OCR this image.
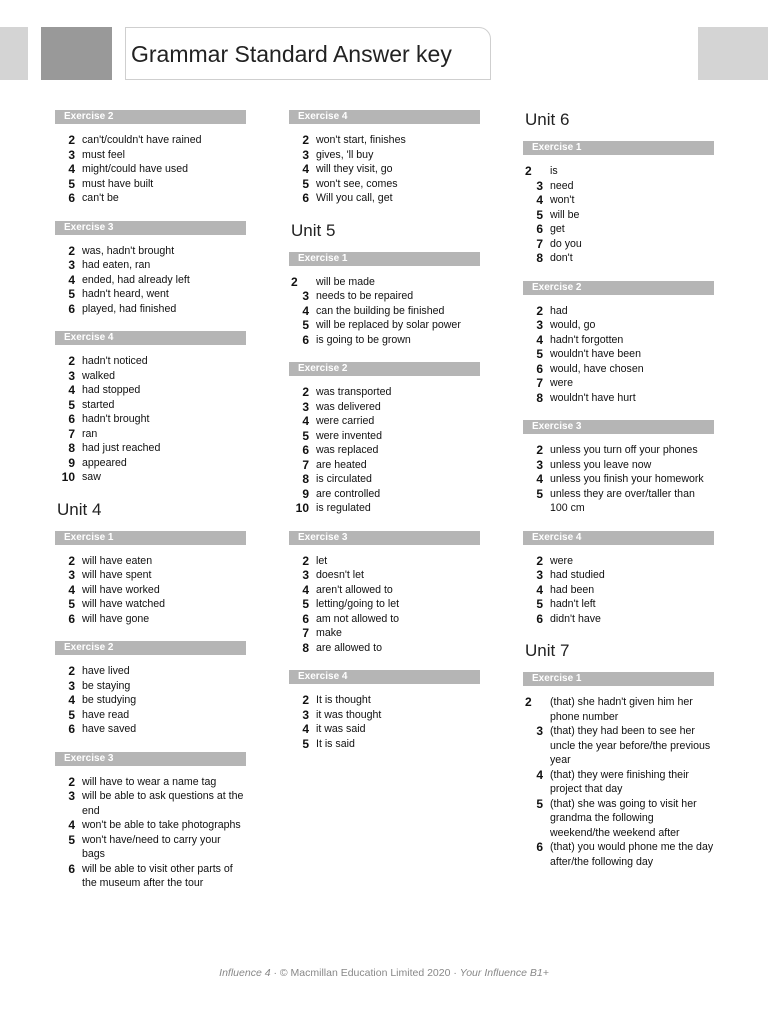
Grammar Standard Answer key
Exercise 2
2 can't/couldn't have rained
3 must feel
4 might/could have used
5 must have built
6 can't be
Exercise 3
2 was, hadn't brought
3 had eaten, ran
4 ended, had already left
5 hadn't heard, went
6 played, had finished
Exercise 4
2 hadn't noticed
3 walked
4 had stopped
5 started
6 hadn't brought
7 ran
8 had just reached
9 appeared
10 saw
Unit 4
Exercise 1
2 will have eaten
3 will have spent
4 will have worked
5 will have watched
6 will have gone
Exercise 2
2 have lived
3 be staying
4 be studying
5 have read
6 have saved
Exercise 3
2 will have to wear a name tag
3 will be able to ask questions at the end
4 won't be able to take photographs
5 won't have/need to carry your bags
6 will be able to visit other parts of the museum after the tour
Exercise 4
2 won't start, finishes
3 gives, 'll buy
4 will they visit, go
5 won't see, comes
6 Will you call, get
Unit 5
Exercise 1
2	will be made
3 needs to be repaired
4 can the building be finished
5 will be replaced by solar power
6 is going to be grown
Exercise 2
2 was transported
3 was delivered
4 were carried
5 were invented
6 was replaced
7 are heated
8 is circulated
9 are controlled
10 is regulated
Exercise 3
2 let
3 doesn't let
4 aren't allowed to
5 letting/going to let
6 am not allowed to
7 make
8 are allowed to
Exercise 4
2 It is thought
3 it was thought
4 it was said
5 It is said
Unit 6
Exercise 1
2	is
3 need
4 won't
5 will be
6 get
7 do you
8 don't
Exercise 2
2 had
3 would, go
4 hadn't forgotten
5 wouldn't have been
6 would, have chosen
7 were
8 wouldn't have hurt
Exercise 3
2 unless you turn off your phones
3 unless you leave now
4 unless you finish your homework
5 unless they are over/taller than 100 cm
Exercise 4
2 were
3 had studied
4 had been
5 hadn't left
6 didn't have
Unit 7
Exercise 1
2	(that) she hadn't given him her phone number
3 (that) they had been to see her uncle the year before/the previous year
4 (that) they were finishing their project that day
5 (that) she was going to visit her grandma the following weekend/the weekend after
6 (that) you would phone me the day after/the following day
Influence 4 · © Macmillan Education Limited 2020 · Your Influence B1+
